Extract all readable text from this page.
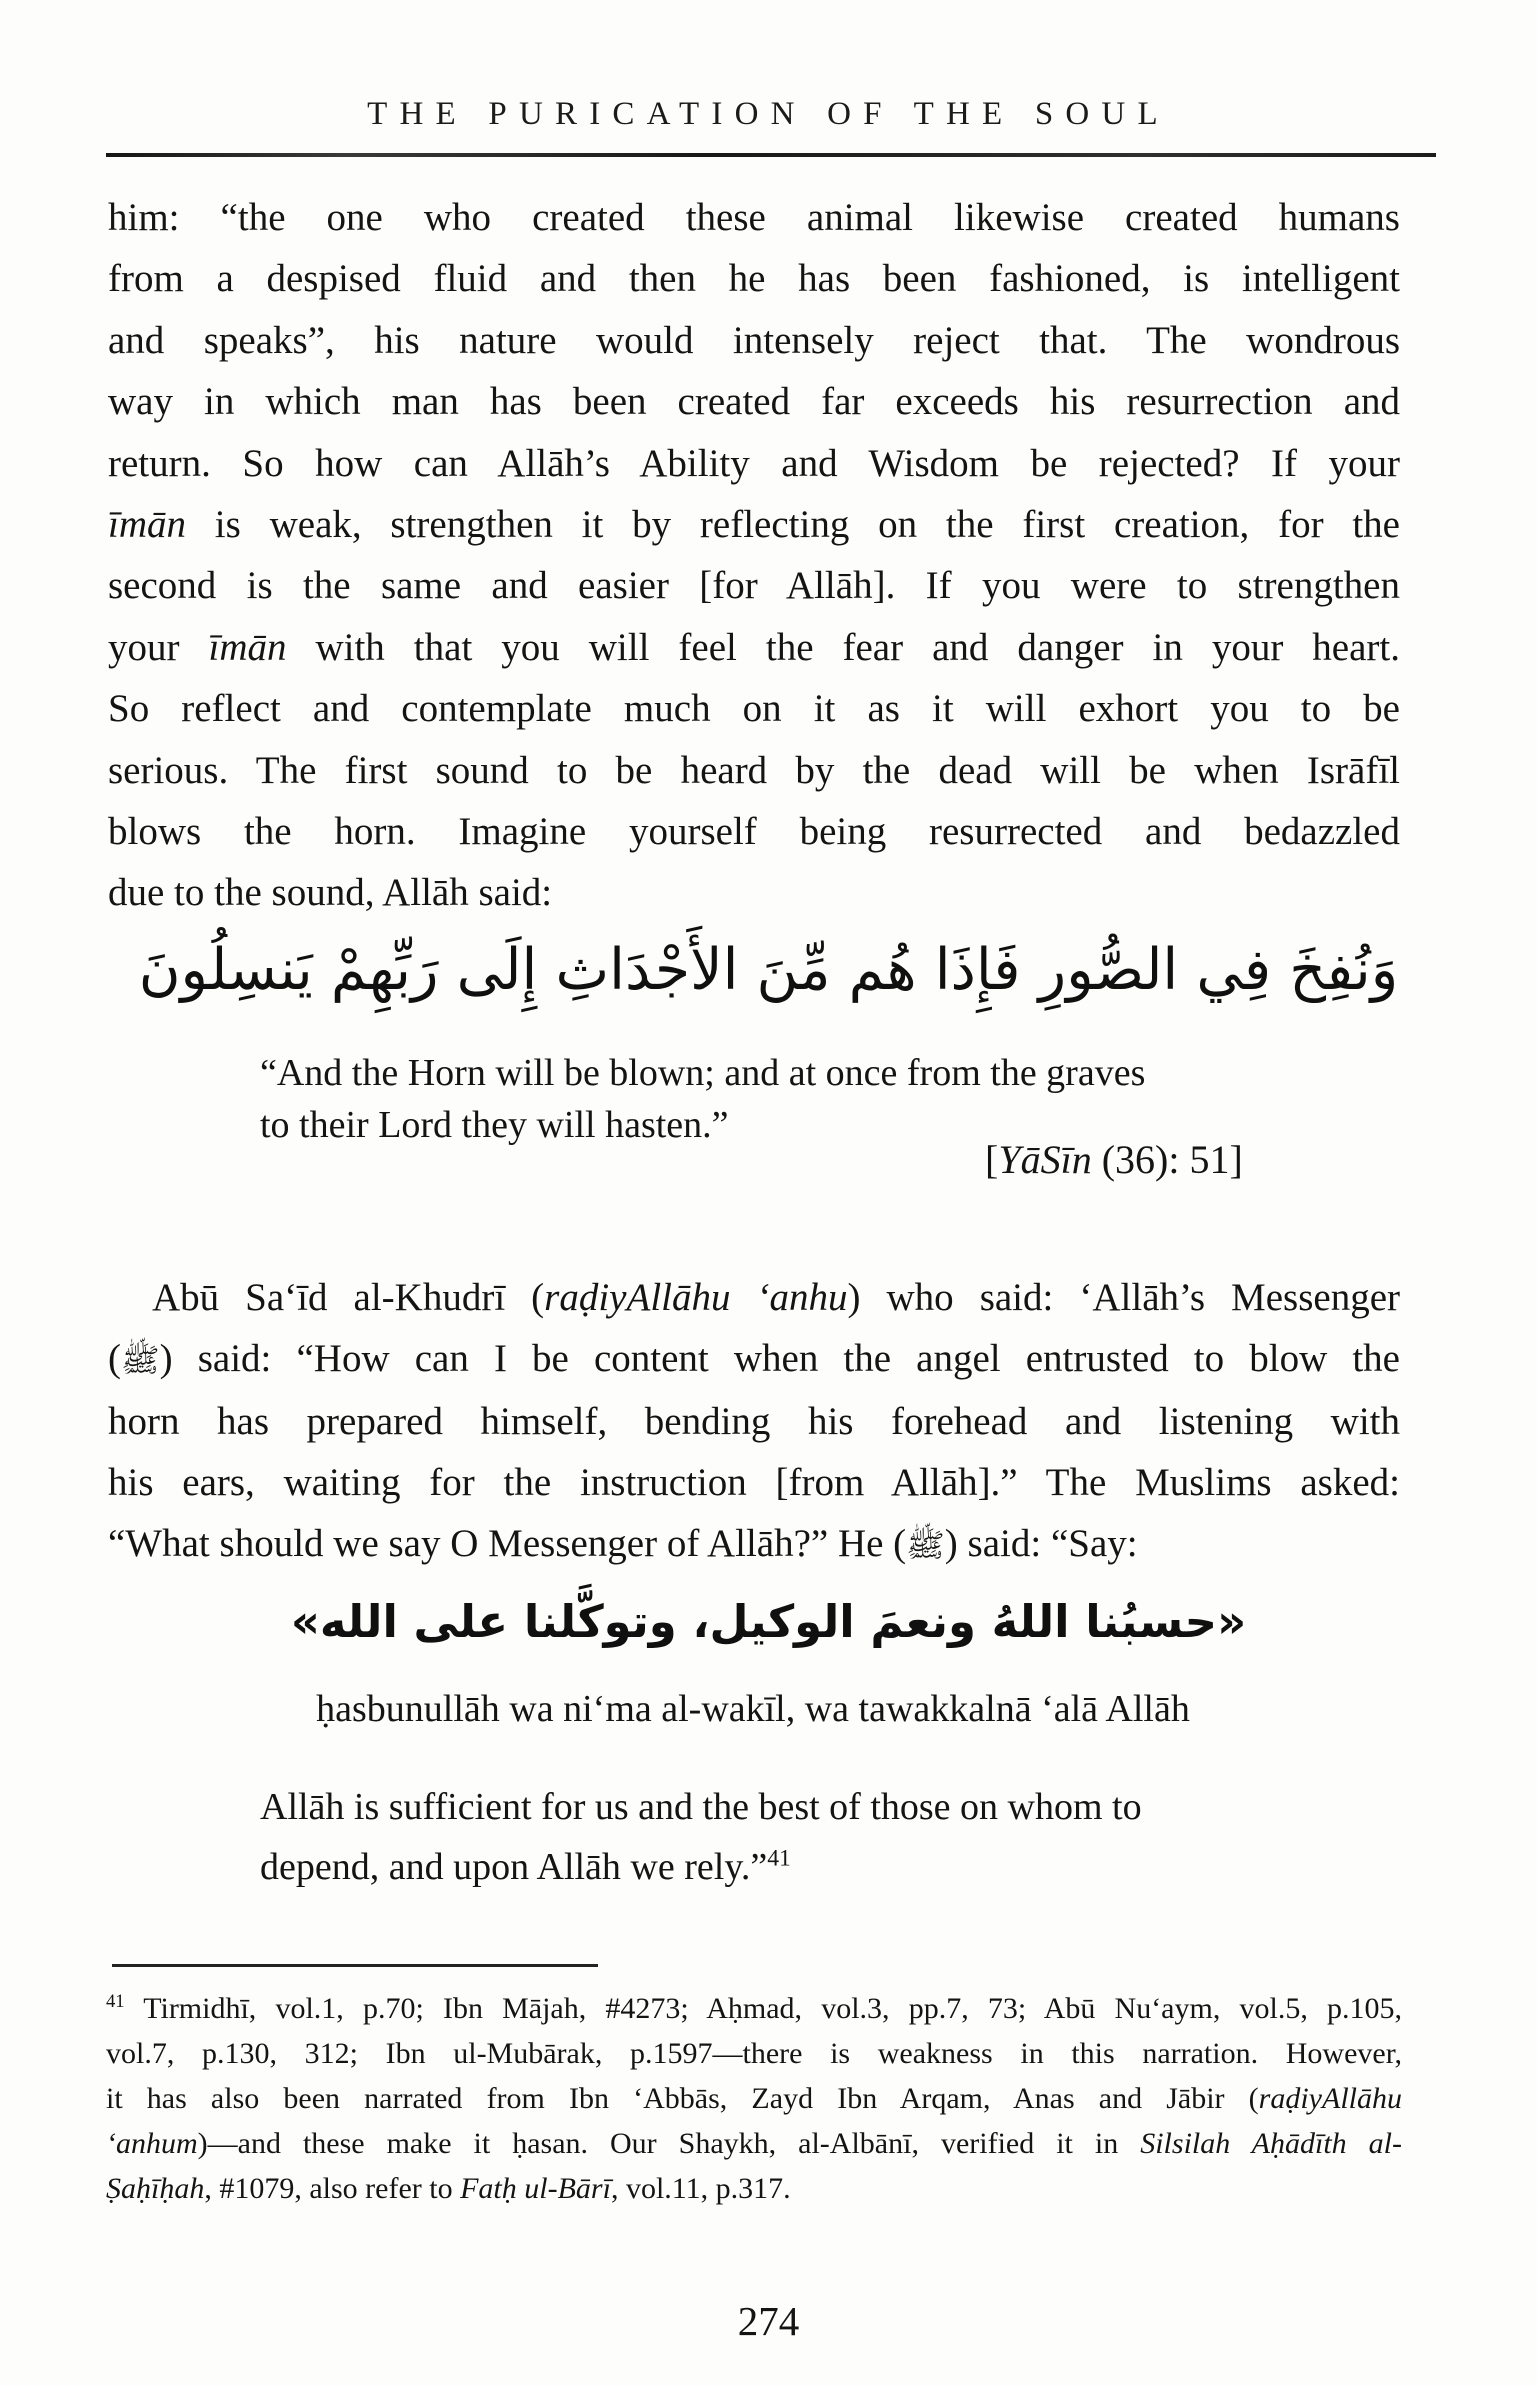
THE PURICATION OF THE SOUL
him: “the one who created these animal likewise created humans
from a despised fluid and then he has been fashioned, is intelligent
and speaks”, his nature would intensely reject that. The wondrous
way in which man has been created far exceeds his resurrection and
return. So how can Allāh’s Ability and Wisdom be rejected? If your
īmān is weak, strengthen it by reflecting on the first creation, for the
second is the same and easier [for Allāh]. If you were to strengthen
your īmān with that you will feel the fear and danger in your heart.
So reflect and contemplate much on it as it will exhort you to be
serious. The first sound to be heard by the dead will be when Isrāfīl
blows the horn. Imagine yourself being resurrected and bedazzled
due to the sound, Allāh said:
وَنُفِخَ فِي الصُّورِ فَإِذَا هُم مِّنَ الأَجْدَاثِ إِلَى رَبِّهِمْ يَنسِلُونَ
“And the Horn will be blown; and at once from the graves
to their Lord they will hasten.”
[YāSīn (36): 51]
Abū Sa‘īd al-Khudrī (raḍiyAllāhu ‘anhu) who said: ‘Allāh’s Messenger
(ﷺ) said: “How can I be content when the angel entrusted to blow the
horn has prepared himself, bending his forehead and listening with
his ears, waiting for the instruction [from Allāh].” The Muslims asked:
“What should we say O Messenger of Allāh?” He (ﷺ) said: “Say:
«حسبُنا اللهُ ونعمَ الوكيل، وتوكَّلنا على الله»
ḥasbunullāh wa ni‘ma al-wakīl, wa tawakkalnā ‘alā Allāh
Allāh is sufficient for us and the best of those on whom to
depend, and upon Allāh we rely.”$^{41}$
$^{41}$ Tirmidhī, vol.1, p.70; Ibn Mājah, #4273; Aḥmad, vol.3, pp.7, 73; Abū Nu‘aym, vol.5, p.105,
vol.7, p.130, 312; Ibn ul-Mubārak, p.1597—there is weakness in this narration. However,
it has also been narrated from Ibn ‘Abbās, Zayd Ibn Arqam, Anas and Jābir (raḍiyAllāhu
‘anhum)—and these make it ḥasan. Our Shaykh, al-Albānī, verified it in Silsilah Aḥādīth al-
Ṣaḥīḥah, #1079, also refer to Fatḥ ul-Bārī, vol.11, p.317.
274
